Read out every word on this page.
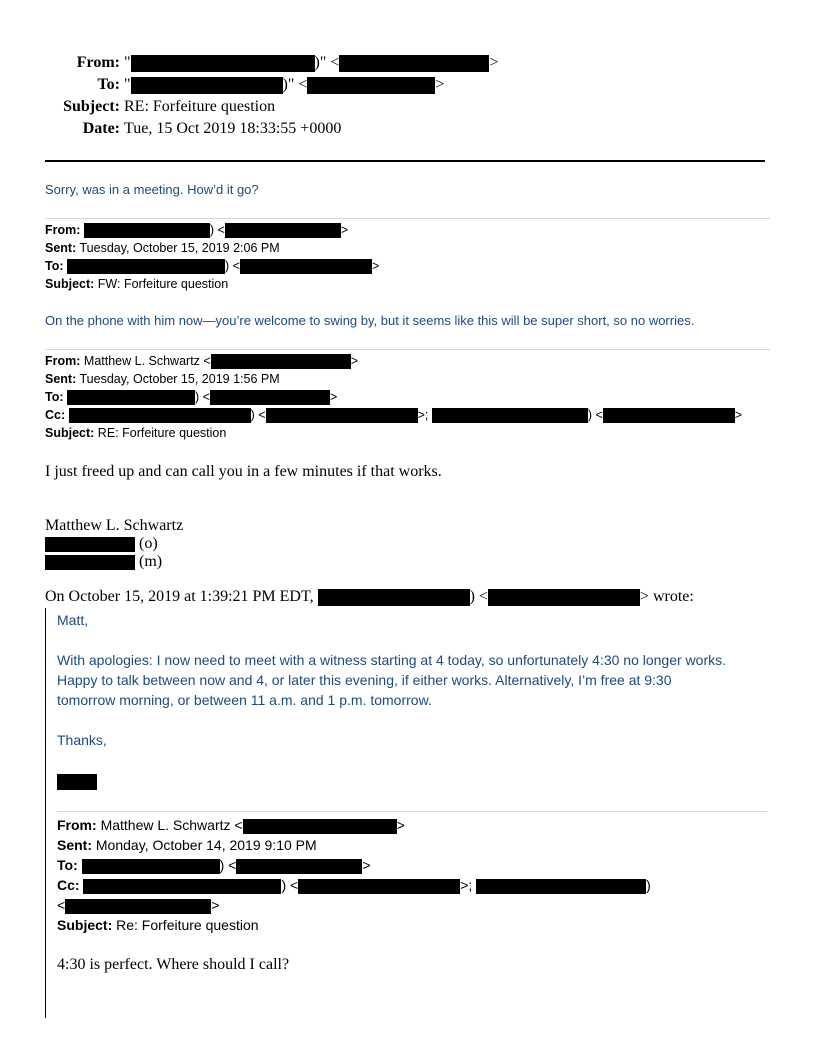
From: "	)" <	>
To: "	)" <	>
Subject: RE: Forfeiture question
Date: Tue, 15 Oct 2019 18:33:55 +0000
Sorry, was in a meeting. How’d it go?
From:	) <	>
Sent: Tuesday, October 15, 2019 2:06 PM
To:	) <	>
Subject: FW: Forfeiture question
On the phone with him now—you’re welcome to swing by, but it seems like this will be super short, so no worries.
From: Matthew L. Schwartz <	>
Sent: Tuesday, October 15, 2019 1:56 PM
To:	) <	>
Cc:	) <	>;	) <	>
Subject: RE: Forfeiture question
I just freed up and can call you in a few minutes if that works.
Matthew L. Schwartz
(o)
(m)
On October 15, 2019 at 1:39:21 PM EDT,	) <	> wrote:
Matt,
With apologies: I now need to meet with a witness starting at 4 today, so unfortunately 4:30 no longer works.
Happy to talk between now and 4, or later this evening, if either works. Alternatively, I’m free at 9:30
tomorrow morning, or between 11 a.m. and 1 p.m. tomorrow.
Thanks,
From: Matthew L. Schwartz <	>
Sent: Monday, October 14, 2019 9:10 PM
To:	) <	>
Cc:	) <	>;	)
<	>
Subject: Re: Forfeiture question
4:30 is perfect. Where should I call?
